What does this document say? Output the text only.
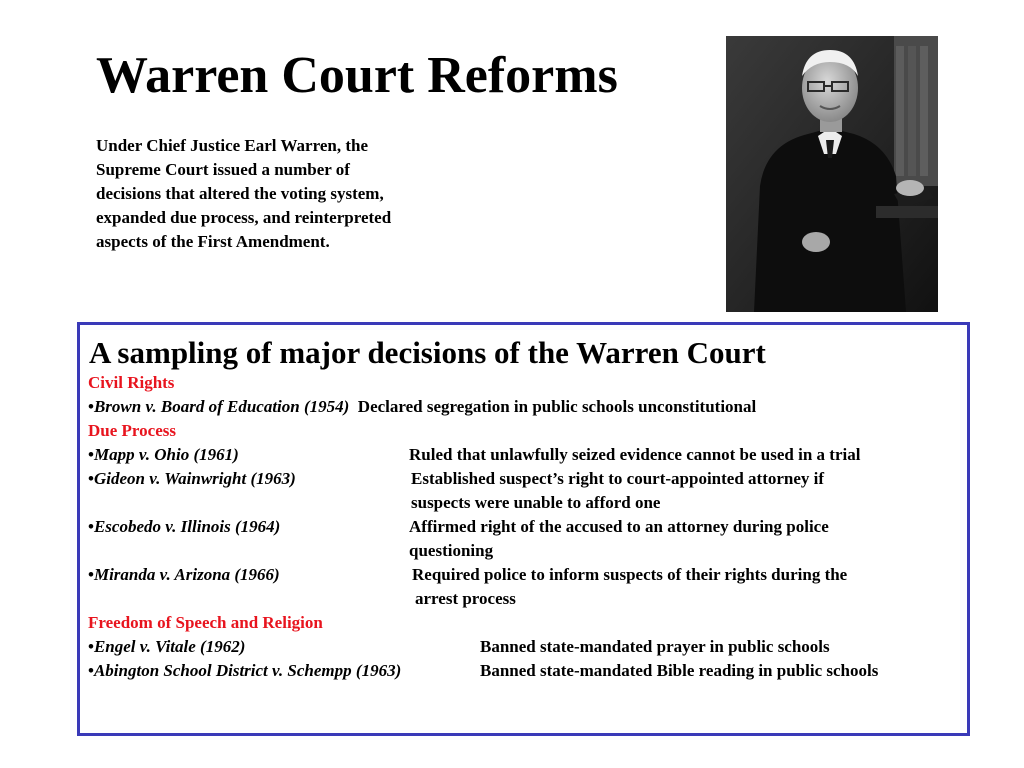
Warren Court Reforms

Under Chief Justice Earl Warren, the Supreme Court issued a number of decisions that altered the voting system, expanded due process, and reinterpreted aspects of the First Amendment.

A sampling of major decisions of the Warren Court
Civil Rights
•Brown v. Board of Education (1954) Declared segregation in public schools unconstitutional
Due Process
•Mapp v. Ohio (1961)	Ruled that unlawfully seized evidence cannot be used in a trial
•Gideon v. Wainwright (1963)	Established suspect’s right to court-appointed attorney if
suspects were unable to afford one
•Escobedo v. Illinois (1964)	Affirmed right of the accused to an attorney during police
questioning
•Miranda v. Arizona (1966)	Required police to inform suspects of their rights during the
arrest process
Freedom of Speech and Religion
•Engel v. Vitale (1962)	Banned state-mandated prayer in public schools
•Abington School District v. Schempp (1963)	Banned state-mandated Bible reading in public schools
